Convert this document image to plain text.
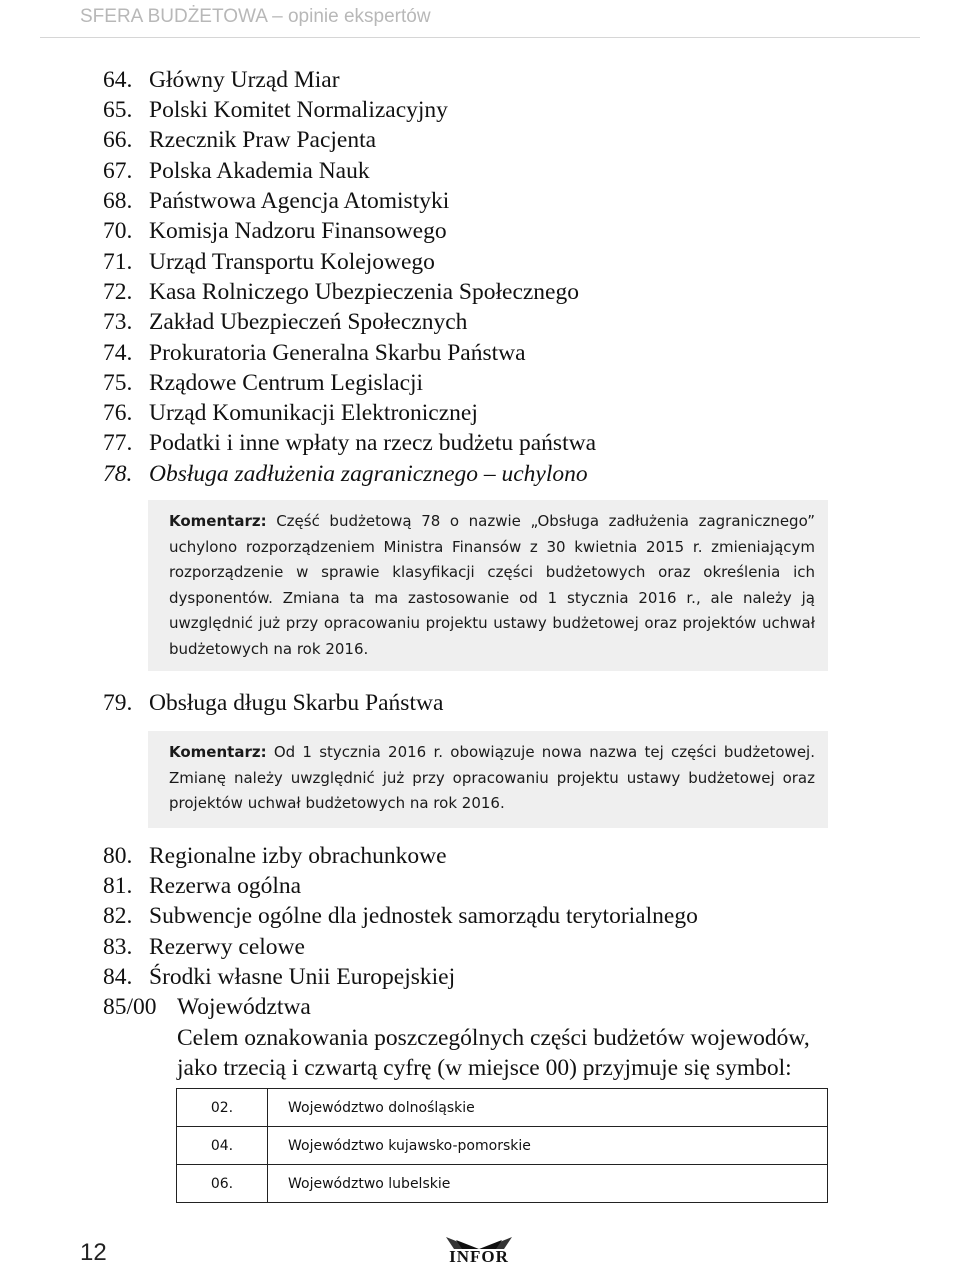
SFERA BUDŻETOWA – opinie ekspertów
64. Główny Urząd Miar
65. Polski Komitet Normalizacyjny
66. Rzecznik Praw Pacjenta
67. Polska Akademia Nauk
68. Państwowa Agencja Atomistyki
70. Komisja Nadzoru Finansowego
71. Urząd Transportu Kolejowego
72. Kasa Rolniczego Ubezpieczenia Społecznego
73. Zakład Ubezpieczeń Społecznych
74. Prokuratoria Generalna Skarbu Państwa
75. Rządowe Centrum Legislacji
76. Urząd Komunikacji Elektronicznej
77. Podatki i inne wpłaty na rzecz budżetu państwa
78. Obsługa zadłużenia zagranicznego – uchylono
Komentarz: Część budżetową 78 o nazwie „Obsługa zadłużenia zagranicznego” uchylono rozporządzeniem Ministra Finansów z 30 kwietnia 2015 r. zmieniającym rozporządzenie w sprawie klasyfikacji części budżetowych oraz określenia ich dysponentów. Zmiana ta ma zastosowanie od 1 stycznia 2016 r., ale należy ją uwzględnić już przy opracowaniu projektu ustawy budżetowej oraz projektów uchwał budżetowych na rok 2016.
79. Obsługa długu Skarbu Państwa
Komentarz: Od 1 stycznia 2016 r. obowiązuje nowa nazwa tej części budżetowej. Zmianę należy uwzględnić już przy opracowaniu projektu ustawy budżetowej oraz projektów uchwał budżetowych na rok 2016.
80. Regionalne izby obrachunkowe
81. Rezerwa ogólna
82. Subwencje ogólne dla jednostek samorządu terytorialnego
83. Rezerwy celowe
84. Środki własne Unii Europejskiej
85/00 Województwa
Celem oznakowania poszczególnych części budżetów wojewodów, jako trzecią i czwartą cyfrę (w miejsce 00) przyjmuje się symbol:
02.	Województwo dolnośląskie
04.	Województwo kujawsko-pomorskie
06.	Województwo lubelskie
12	INFOR
